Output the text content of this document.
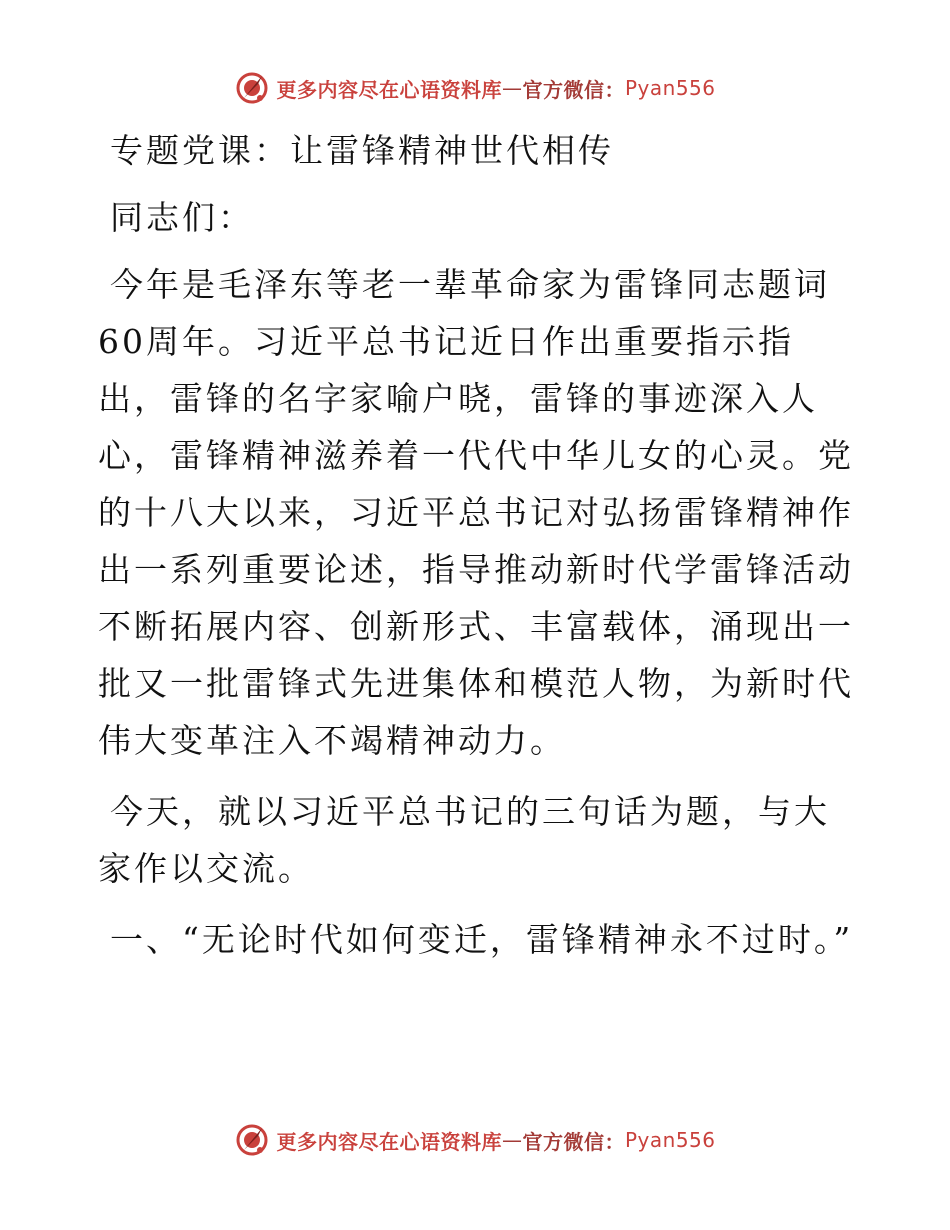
更多内容尽在心语资料库 — 官方微信： Pyan556

专题党课：让雷锋精神世代相传

同志们：

今年是毛泽东等老一辈革命家为雷锋同志题词60周年。习近平总书记近日作出重要指示指出，雷锋的名字家喻户晓，雷锋的事迹深入人心，雷锋精神滋养着一代代中华儿女的心灵。党的十八大以来，习近平总书记对弘扬雷锋精神作出一系列重要论述，指导推动新时代学雷锋活动不断拓展内容、创新形式、丰富载体，涌现出一批又一批雷锋式先进集体和模范人物，为新时代伟大变革注入不竭精神动力。

今天，就以习近平总书记的三句话为题，与大家作以交流。

一、“无论时代如何变迁，雷锋精神永不过时。”

更多内容尽在心语资料库 — 官方微信： Pyan556
